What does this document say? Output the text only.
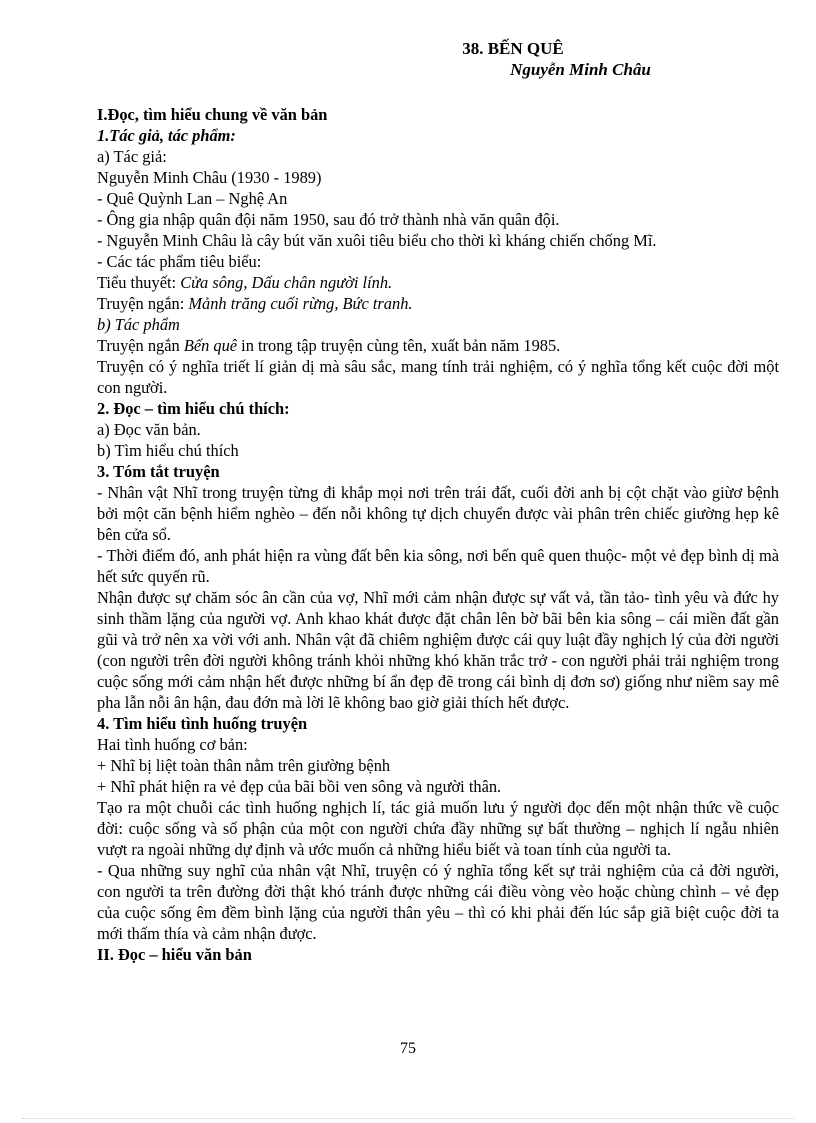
38. BẾN QUÊ
Nguyễn Minh Châu
I.Đọc, tìm hiểu chung về văn bản
1.Tác giả, tác phẩm:
a) Tác giả:
Nguyễn Minh Châu (1930 - 1989)
- Quê Quỳnh Lan – Nghệ An
- Ông gia nhập quân đội năm 1950, sau đó trở thành nhà văn quân đội.
- Nguyễn Minh Châu là cây bút văn xuôi tiêu biểu cho thời kì kháng chiến chống Mĩ.
- Các tác phẩm tiêu biểu:
Tiểu thuyết: Cửa sông, Dấu chân người lính.
Truyện ngắn: Mảnh trăng cuối rừng, Bức tranh.
b) Tác phẩm
Truyện ngắn Bến quê in trong tập truyện cùng tên, xuất bản năm 1985.

Truyện có ý nghĩa triết lí giản dị mà sâu sắc, mang tính trải nghiệm, có ý nghĩa tổng kết cuộc đời một con người.

2. Đọc – tìm hiểu chú thích:
a) Đọc văn bản.
b) Tìm hiểu chú thích
3. Tóm tắt truyện

- Nhân vật Nhĩ trong truyện từng đi khắp mọi nơi trên trái đất, cuối đời anh bị cột chặt vào giừơ bệnh bởi một căn bệnh hiểm nghèo – đến nỗi không tự dịch chuyển được vài phân trên chiếc giường hẹp kê bên cửa sổ.

- Thời điểm đó, anh phát hiện ra vùng đất bên kia sông, nơi bến quê quen thuộc- một vẻ đẹp bình dị mà hết sức quyến rũ.

Nhận được sự chăm sóc ân cần của vợ, Nhĩ mới cảm nhận được sự vất vả, tần tảo- tình yêu và đức hy sinh thầm lặng của người vợ. Anh khao khát được đặt chân lên bờ bãi bên kia sông – cái miền đất gần gũi và trở nên xa vời với anh. Nhân vật đã chiêm nghiệm được cái quy luật đầy nghịch lý của đời người (con người trên đời người không tránh khỏi những khó khăn trắc trở - con người phải trải nghiệm trong cuộc sống mới cảm nhận hết được những bí ẩn đẹp đẽ trong cái bình dị đơn sơ) giống như niềm say mê pha lẫn nỗi ân hận, đau đớn mà lời lẽ không bao giờ giải thích hết được.

4. Tìm hiểu tình huống truyện
Hai tình huống cơ bản:
+ Nhĩ bị liệt toàn thân nằm trên giường bệnh
+ Nhĩ phát hiện ra vẻ đẹp của bãi bồi ven sông và người thân.

Tạo ra một chuỗi các tình huống nghịch lí, tác giả muốn lưu ý người đọc đến một nhận thức về cuộc đời: cuộc sống và số phận của một con người chứa đầy những sự bất thường – nghịch lí ngẫu nhiên vượt ra ngoài những dự định và ước muốn cả những hiểu biết và toan tính của người ta.

- Qua những suy nghĩ của nhân vật Nhĩ, truyện có ý nghĩa tổng kết sự trải nghiệm của cả đời người, con người ta trên đường đời thật khó tránh được những cái điều vòng vèo hoặc chùng chình – vẻ đẹp của cuộc sống êm đềm bình lặng của người thân yêu – thì có khi phải đến lúc sắp giã biệt cuộc đời ta mới thấm thía và cảm nhận được.

II. Đọc – hiểu văn bản
75
